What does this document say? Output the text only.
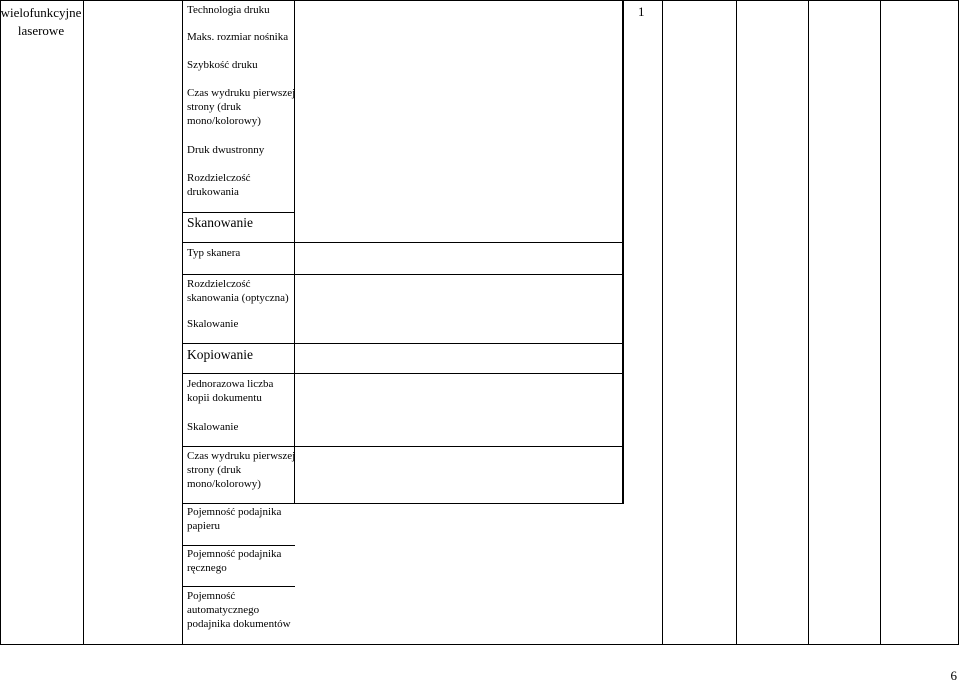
wielofunkcyjne laserowe
1
Technologia druku
Maks. rozmiar nośnika
Szybkość druku
Czas wydruku pierwszej strony (druk mono/kolorowy)
Druk dwustronny
Rozdzielczość drukowania
Skanowanie
Typ skanera
Rozdzielczość skanowania (optyczna)
Skalowanie
Kopiowanie
Jednorazowa liczba kopii dokumentu
Skalowanie
Czas wydruku pierwszej strony (druk mono/kolorowy)
Pojemność podajnika papieru
Pojemność podajnika ręcznego
Pojemność automatycznego podajnika dokumentów
6
